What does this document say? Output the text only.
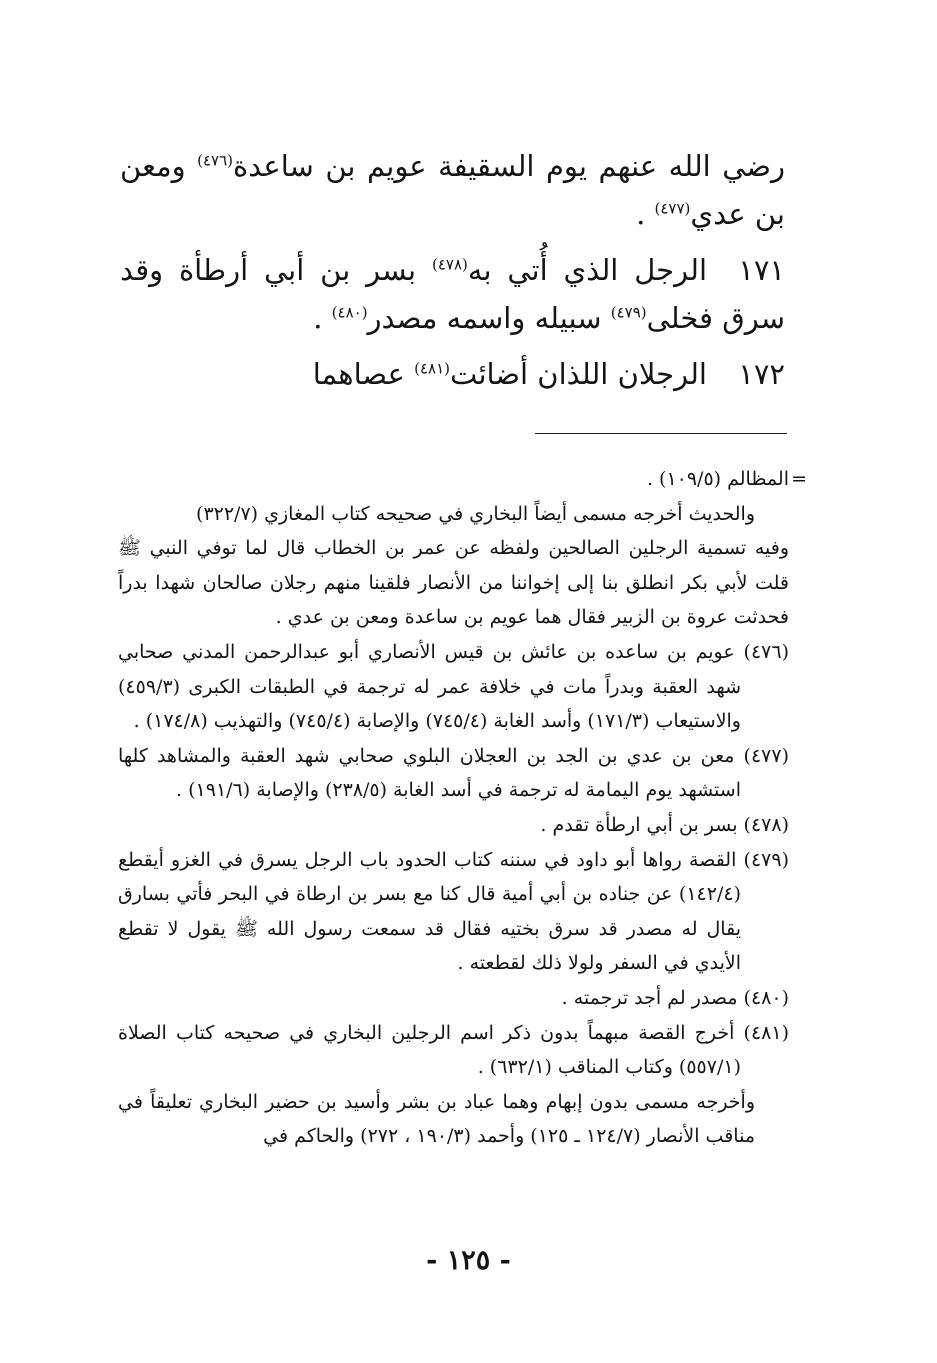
رضي الله عنهم يوم السقيفة عويم بن ساعدة$^{(٤٧٦)}$ ومعن بن عدي$^{(٤٧٧)}$ .

١٧١الرجل الذي أُتي به$^{(٤٧٨)}$ بسر بن أبي أرطأة وقد سرق فخلى$^{(٤٧٩)}$ سبيله واسمه مصدر$^{(٤٨٠)}$ .

١٧٢الرجلان اللذان أضائت$^{(٤٨١)}$ عصاهما

=
المظالم (١٠٩/٥) .

والحديث أخرجه مسمى أيضاً البخاري في صحيحه كتاب المغازي (٣٢٢/٧)

وفيه تسمية الرجلين الصالحين ولفظه عن عمر بن الخطاب قال لما توفي النبي ﷺ قلت لأبي بكر انطلق بنا إلى إخواننا من الأنصار فلقينا منهم رجلان صالحان شهدا بدراً فحدثت عروة بن الزبير فقال هما عويم بن ساعدة ومعن بن عدي .

(٤٧٦) عويم بن ساعده بن عائش بن قيس الأنصاري أبو عبدالرحمن المدني صحابي شهد العقبة وبدراً مات في خلافة عمر له ترجمة في الطبقات الكبرى (٤٥٩/٣) والاستيعاب (١٧١/٣) وأسد الغابة (٧٤٥/٤) والإصابة (٧٤٥/٤) والتهذيب (١٧٤/٨) .

(٤٧٧) معن بن عدي بن الجد بن العجلان البلوي صحابي شهد العقبة والمشاهد كلها استشهد يوم اليمامة له ترجمة في أسد الغابة (٢٣٨/٥) والإصابة (١٩١/٦) .

(٤٧٨) بسر بن أبي ارطأة تقدم .

(٤٧٩) القصة رواها أبو داود في سننه كتاب الحدود باب الرجل يسرق في الغزو أيقطع (١٤٢/٤) عن جناده بن أبي أمية قال كنا مع بسر بن ارطاة في البحر فأتي بسارق يقال له مصدر قد سرق بختيه فقال قد سمعت رسول الله ﷺ يقول لا تقطع الأيدي في السفر ولولا ذلك لقطعته .

(٤٨٠) مصدر لم أجد ترجمته .

(٤٨١) أخرج القصة مبهماً بدون ذكر اسم الرجلين البخاري في صحيحه كتاب الصلاة (٥٥٧/١) وكتاب المناقب (٦٣٢/١) .

وأخرجه مسمى بدون إبهام وهما عباد بن بشر وأسيد بن حضير البخاري تعليقاً في مناقب الأنصار (١٢٤/٧ ـ ١٢٥) وأحمد (١٩٠/٣ ، ٢٧٢) والحاكم في

- ١٢٥ -
